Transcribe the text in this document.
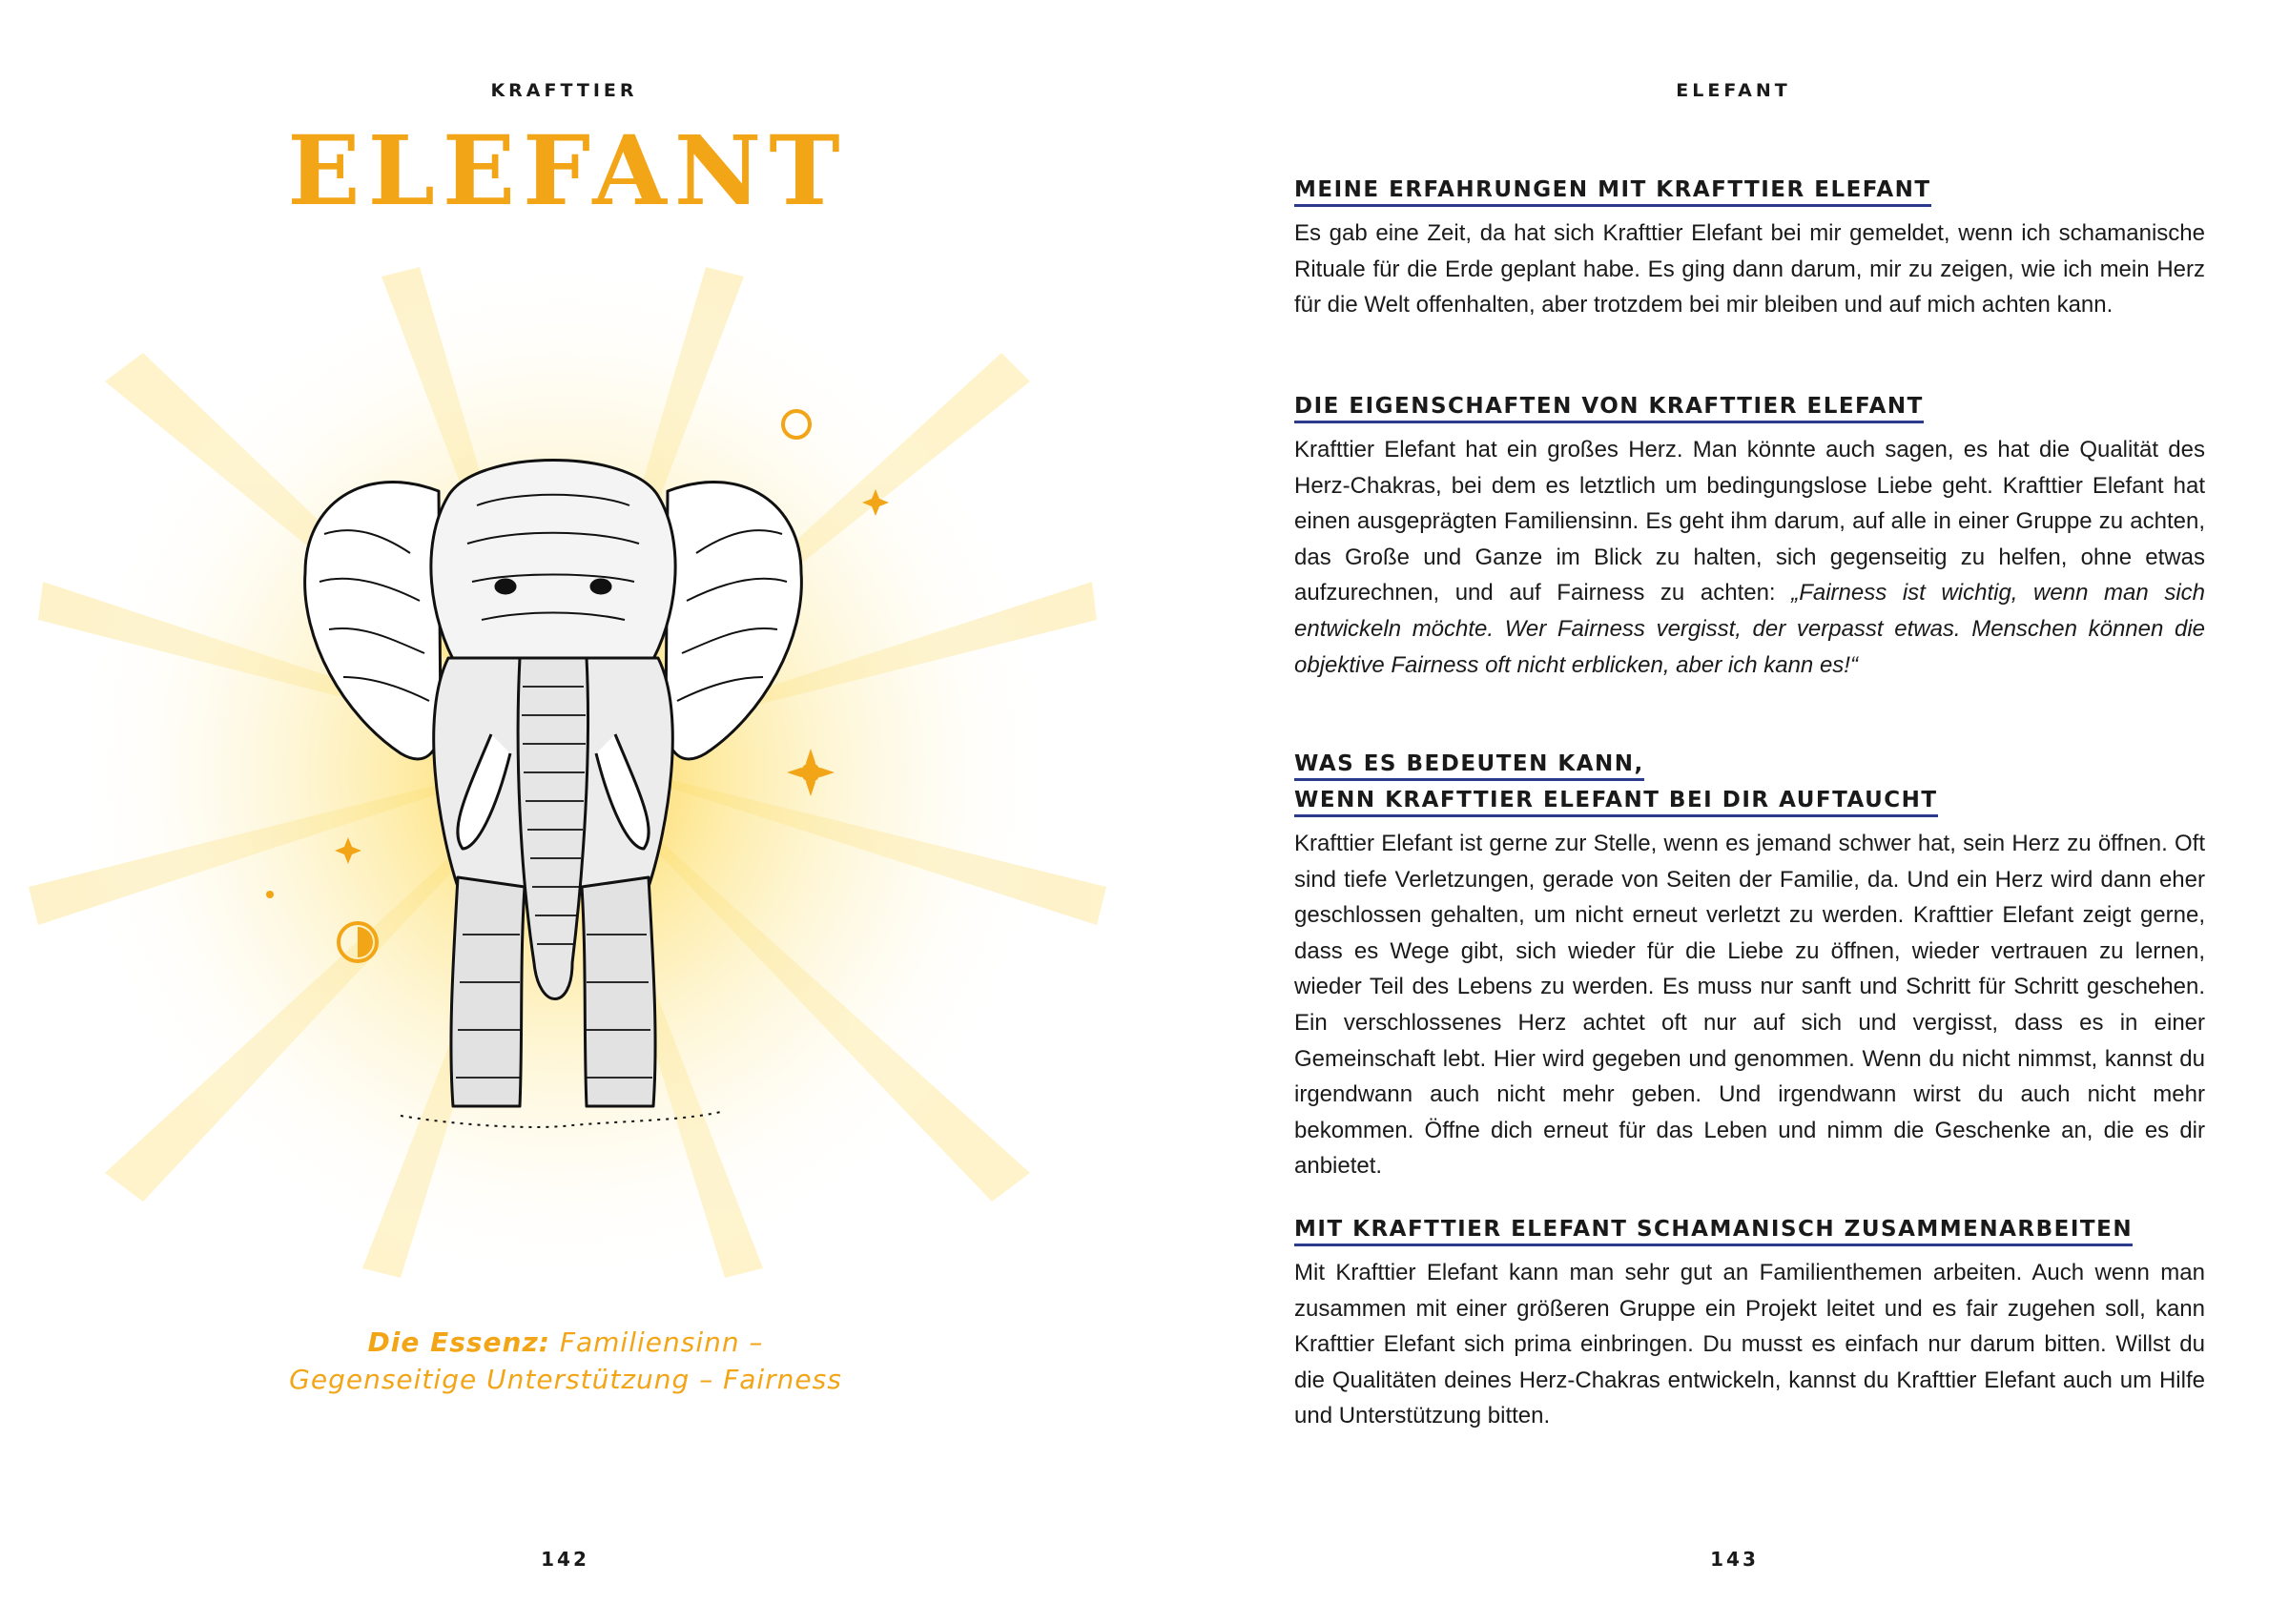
KRAFTTIER
ELEFANT
Die Essenz: Familiensinn –
Gegenseitige Unterstützung – Fairness
142
ELEFANT
MEINE ERFAHRUNGEN MIT KRAFTTIER ELEFANT

Es gab eine Zeit, da hat sich Krafttier Elefant bei mir gemeldet, wenn ich schamanische Rituale für die Erde geplant habe. Es ging dann darum, mir zu zeigen, wie ich mein Herz für die Welt offenhalten, aber trotzdem bei mir bleiben und auf mich achten kann.

DIE EIGENSCHAFTEN VON KRAFTTIER ELEFANT

Krafttier Elefant hat ein großes Herz. Man könnte auch sagen, es hat die Qualität des Herz-Chakras, bei dem es letztlich um bedingungslose Liebe geht. Krafttier Elefant hat einen ausgeprägten Familiensinn. Es geht ihm darum, auf alle in einer Gruppe zu achten, das Große und Ganze im Blick zu halten, sich gegenseitig zu helfen, ohne etwas aufzurechnen, und auf Fairness zu achten: „Fairness ist wichtig, wenn man sich entwickeln möchte. Wer Fairness vergisst, der verpasst etwas. Menschen können die objektive Fairness oft nicht erblicken, aber ich kann es!“

WAS ES BEDEUTEN KANN,
WENN KRAFTTIER ELEFANT BEI DIR AUFTAUCHT

Krafttier Elefant ist gerne zur Stelle, wenn es jemand schwer hat, sein Herz zu öffnen. Oft sind tiefe Verletzungen, gerade von Seiten der Familie, da. Und ein Herz wird dann eher geschlossen gehalten, um nicht erneut verletzt zu werden. Krafttier Elefant zeigt gerne, dass es Wege gibt, sich wieder für die Liebe zu öffnen, wieder vertrauen zu lernen, wieder Teil des Lebens zu werden. Es muss nur sanft und Schritt für Schritt geschehen. Ein verschlossenes Herz achtet oft nur auf sich und vergisst, dass es in einer Gemeinschaft lebt. Hier wird gegeben und genommen. Wenn du nicht nimmst, kannst du irgendwann auch nicht mehr geben. Und irgendwann wirst du auch nicht mehr bekommen. Öffne dich erneut für das Leben und nimm die Geschenke an, die es dir anbietet.

MIT KRAFTTIER ELEFANT SCHAMANISCH ZUSAMMENARBEITEN

Mit Krafttier Elefant kann man sehr gut an Familienthemen arbeiten. Auch wenn man zusammen mit einer größeren Gruppe ein Projekt leitet und es fair zugehen soll, kann Krafttier Elefant sich prima einbringen. Du musst es einfach nur darum bitten. Willst du die Qualitäten deines Herz-Chakras entwickeln, kannst du Krafttier Elefant auch um Hilfe und Unterstützung bitten.

143
